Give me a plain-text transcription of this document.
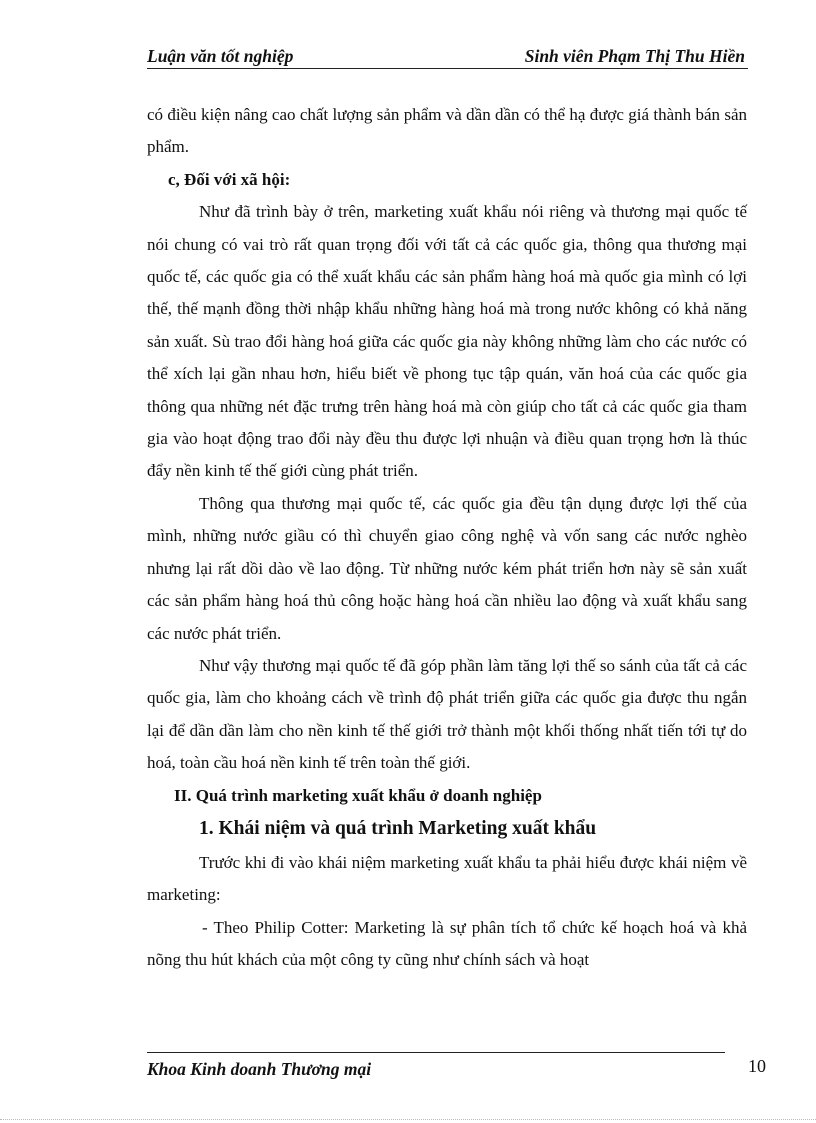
Luận văn tốt nghiệp	Sinh viên Phạm Thị Thu Hiền

có điều kiện nâng cao chất lượng sản phẩm và dần dần có thể hạ được giá thành bán sản phẩm.

c, Đối với xã hội:

Như đã trình bày ở trên, marketing xuất khẩu nói riêng và thương mại quốc tế nói chung có vai trò rất quan trọng đối với tất cả các quốc gia, thông qua thương mại quốc tế, các quốc gia có thể xuất khẩu các sản phẩm hàng hoá mà quốc gia mình có lợi thế, thế mạnh đồng thời nhập khẩu những hàng hoá mà trong nước không có khả năng sản xuất. Sù trao đổi hàng hoá giữa các quốc gia này không những làm cho các nước có thể xích lại gần nhau hơn, hiểu biết về phong tục tập quán, văn hoá của các quốc gia thông qua những nét đặc trưng trên hàng hoá mà còn giúp cho tất cả các quốc gia tham gia vào hoạt động trao đổi này đều thu được lợi nhuận và điều quan trọng hơn là thúc đẩy nền kinh tế thế giới cùng phát triển.

Thông qua thương mại quốc tế, các quốc gia đều tận dụng được lợi thế của mình, những nước giầu có thì chuyển giao công nghệ và vốn sang các nước nghèo nhưng lại rất dồi dào về lao động. Từ những nước kém phát triển hơn này sẽ sản xuất các sản phẩm hàng hoá thủ công hoặc hàng hoá cần nhiều lao động và xuất khẩu sang các nước phát triển.

Như vậy thương mại quốc tế đã góp phần làm tăng lợi thế so sánh của tất cả các quốc gia, làm cho khoảng cách về trình độ phát triển giữa các quốc gia được thu ngắn lại để dần dần làm cho nền kinh tế thế giới trở thành một khối thống nhất tiến tới tự do hoá, toàn cầu hoá nền kinh tế trên toàn thế giới.

II. Quá trình marketing xuất khẩu ở doanh nghiệp

1. Khái niệm và quá trình Marketing xuất khẩu

Trước khi đi vào khái niệm marketing xuất khẩu ta phải hiểu được khái niệm về marketing:

- Theo Philip Cotter: Marketing là sự phân tích tổ chức kế hoạch hoá và khả nõng thu hút khách của một công ty cũng như chính sách và hoạt

Khoa Kinh doanh Thương mại	10
